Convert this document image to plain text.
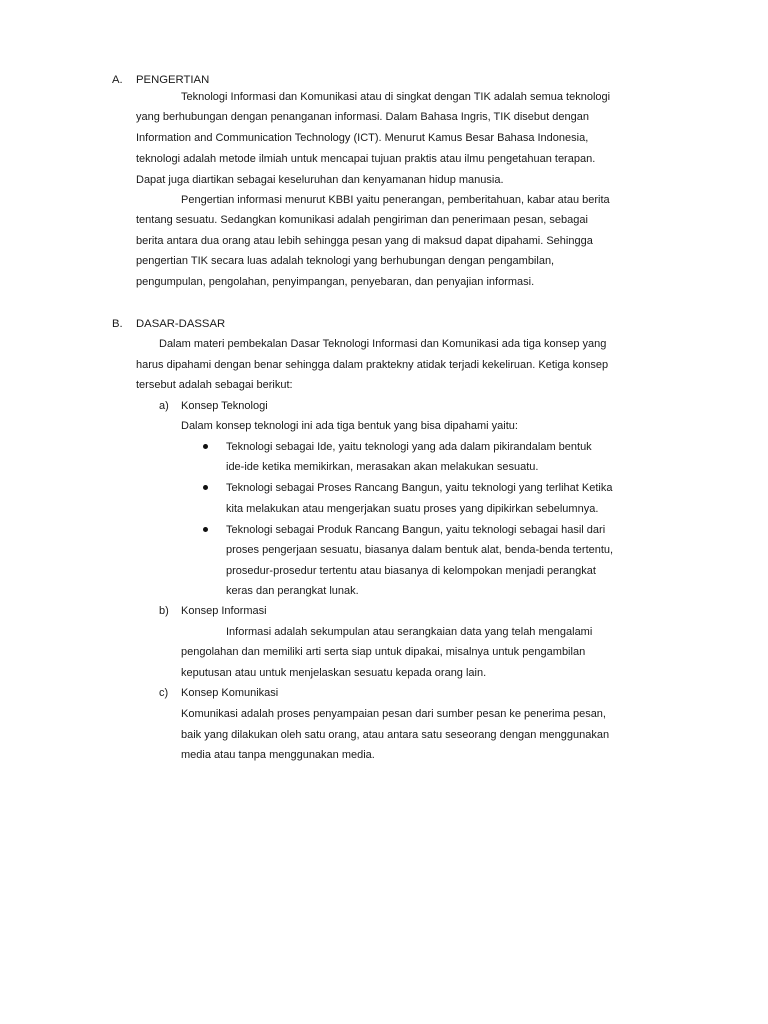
A. PENGERTIAN
Teknologi Informasi dan Komunikasi atau di singkat dengan TIK adalah semua teknologi
yang berhubungan dengan penanganan informasi. Dalam Bahasa Ingris, TIK disebut dengan
Information and Communication Technology (ICT). Menurut Kamus Besar Bahasa Indonesia,
teknologi adalah metode ilmiah untuk mencapai tujuan praktis atau ilmu pengetahuan terapan.
Dapat juga diartikan sebagai keseluruhan dan kenyamanan hidup manusia.
Pengertian informasi menurut KBBI yaitu penerangan, pemberitahuan, kabar atau berita
tentang sesuatu. Sedangkan komunikasi adalah pengiriman dan penerimaan pesan, sebagai
berita antara dua orang atau lebih sehingga pesan yang di maksud dapat dipahami. Sehingga
pengertian TIK secara luas adalah teknologi yang berhubungan dengan pengambilan,
pengumpulan, pengolahan, penyimpangan, penyebaran, dan penyajian informasi.
B. DASAR-DASSAR
Dalam materi pembekalan Dasar Teknologi Informasi dan Komunikasi ada tiga konsep yang
harus dipahami dengan benar sehingga dalam praktekny atidak terjadi kekeliruan. Ketiga konsep
tersebut adalah sebagai berikut:
a) Konsep Teknologi
Dalam konsep teknologi ini ada tiga bentuk yang bisa dipahami yaitu:
Teknologi sebagai Ide, yaitu teknologi yang ada dalam pikirandalam bentuk
ide-ide ketika memikirkan, merasakan akan melakukan sesuatu.
Teknologi sebagai Proses Rancang Bangun, yaitu teknologi yang terlihat Ketika
kita melakukan atau mengerjakan suatu proses yang dipikirkan sebelumnya.
Teknologi sebagai Produk Rancang Bangun, yaitu teknologi sebagai hasil dari
proses pengerjaan sesuatu, biasanya dalam bentuk alat, benda-benda tertentu,
prosedur-prosedur tertentu atau biasanya di kelompokan menjadi perangkat
keras dan perangkat lunak.
b) Konsep Informasi
Informasi adalah sekumpulan atau serangkaian data yang telah mengalami
pengolahan dan memiliki arti serta siap untuk dipakai, misalnya untuk pengambilan
keputusan atau untuk menjelaskan sesuatu kepada orang lain.
c) Konsep Komunikasi
Komunikasi adalah proses penyampaian pesan dari sumber pesan ke penerima pesan,
baik yang dilakukan oleh satu orang, atau antara satu seseorang dengan menggunakan
media atau tanpa menggunakan media.
